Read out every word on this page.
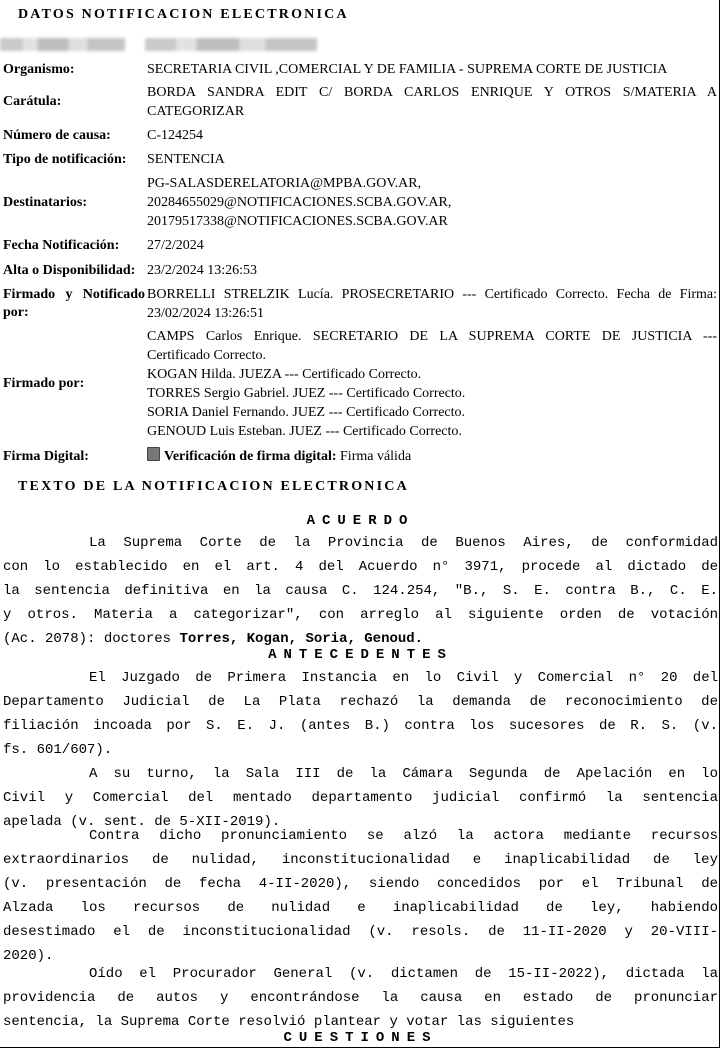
DATOS NOTIFICACION ELECTRONICA
Organismo:	SECRETARIA CIVIL ,COMERCIAL Y DE FAMILIA - SUPREMA CORTE DE JUSTICIA
Carátula:
BORDA SANDRA EDIT C/ BORDA CARLOS ENRIQUE Y OTROS S/MATERIA A
CATEGORIZAR
Número de causa:	C-124254
Tipo de notificación: SENTENCIA
Destinatarios:
PG-SALASDERELATORIA@MPBA.GOV.AR,
20284655029@NOTIFICACIONES.SCBA.GOV.AR,
20179517338@NOTIFICACIONES.SCBA.GOV.AR
Fecha Notificación: 27/2/2024
Alta o Disponibilidad: 23/2/2024 13:26:53
Firmado y Notificado
por:
BORRELLI STRELZIK Lucía. PROSECRETARIO --- Certificado Correcto. Fecha de Firma:
23/02/2024 13:26:51
Firmado por:
CAMPS Carlos Enrique. SECRETARIO DE LA SUPREMA CORTE DE JUSTICIA ---
Certificado Correcto.
KOGAN Hilda. JUEZA --- Certificado Correcto.
TORRES Sergio Gabriel. JUEZ --- Certificado Correcto.
SORIA Daniel Fernando. JUEZ --- Certificado Correcto.
GENOUD Luis Esteban. JUEZ --- Certificado Correcto.
Firma Digital:	Verificación de firma digital: Firma válida
TEXTO DE LA NOTIFICACION ELECTRONICA
ACUERDO
La Suprema Corte de la Provincia de Buenos Aires, de conformidad
con lo establecido en el art. 4 del Acuerdo n° 3971, procede al dictado de
la sentencia definitiva en la causa C. 124.254, "B., S. E. contra B., C. E.
y otros. Materia a categorizar", con arreglo al siguiente orden de votación
(Ac. 2078): doctores Torres, Kogan, Soria, Genoud.
ANTECEDENTES
El Juzgado de Primera Instancia en lo Civil y Comercial n° 20 del
Departamento Judicial de La Plata rechazó la demanda de reconocimiento de
filiación incoada por S. E. J. (antes B.) contra los sucesores de R. S. (v.
fs. 601/607).
A su turno, la Sala III de la Cámara Segunda de Apelación en lo
Civil y Comercial del mentado departamento judicial confirmó la sentencia
apelada (v. sent. de 5-XII-2019).
Contra dicho pronunciamiento se alzó la actora mediante recursos
extraordinarios de nulidad, inconstitucionalidad e inaplicabilidad de ley
(v. presentación de fecha 4-II-2020), siendo concedidos por el Tribunal de
Alzada los recursos de nulidad e inaplicabilidad de ley, habiendo
desestimado el de inconstitucionalidad (v. resols. de 11-II-2020 y 20-VIII-
2020).
Oído el Procurador General (v. dictamen de 15-II-2022), dictada la
providencia de autos y encontrándose la causa en estado de pronunciar
sentencia, la Suprema Corte resolvió plantear y votar las siguientes
CUESTIONES
